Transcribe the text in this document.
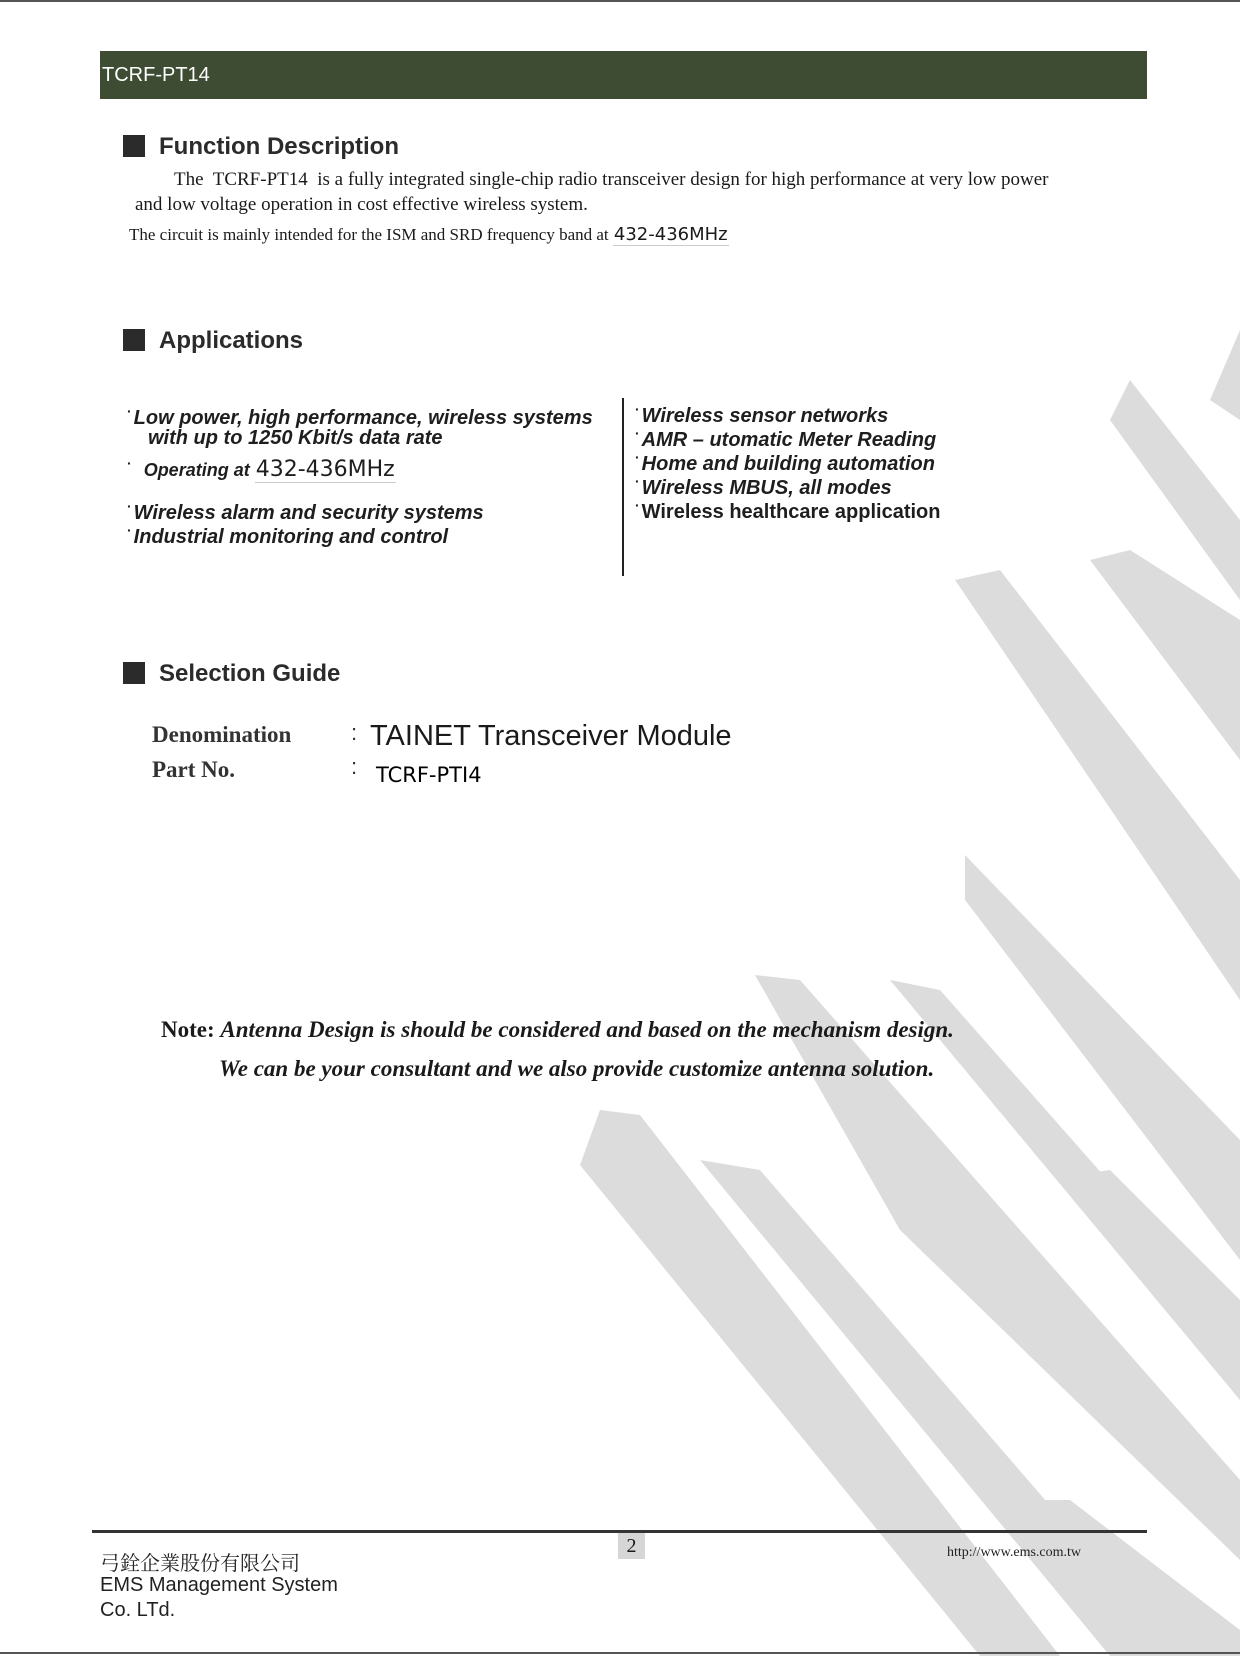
TCRF-PT14
Function Description
The TCRF-PT14 is a fully integrated single-chip radio transceiver design for high performance at very low power
and low voltage operation in cost effective wireless system.
The circuit is mainly intended for the ISM and SRD frequency band at 432-436MHz
Applications
· Low power, high performance, wireless systems
with up to 1250 Kbit/s data rate
· Operating at 432-436MHz
· Wireless alarm and security systems
· Industrial monitoring and control
· Wireless sensor networks
· AMR – utomatic Meter Reading
· Home and building automation
· Wireless MBUS, all modes
· Wireless healthcare application
Selection Guide
Denomination	: TAINET Transceiver Module
Part No.	: TCRF-PTI4
Note: Antenna Design is should be considered and based on the mechanism design.
We can be your consultant and we also provide customize antenna solution.
2
弓銓企業股份有限公司
EMS Management System
Co. LTd.
http://www.ems.com.tw
